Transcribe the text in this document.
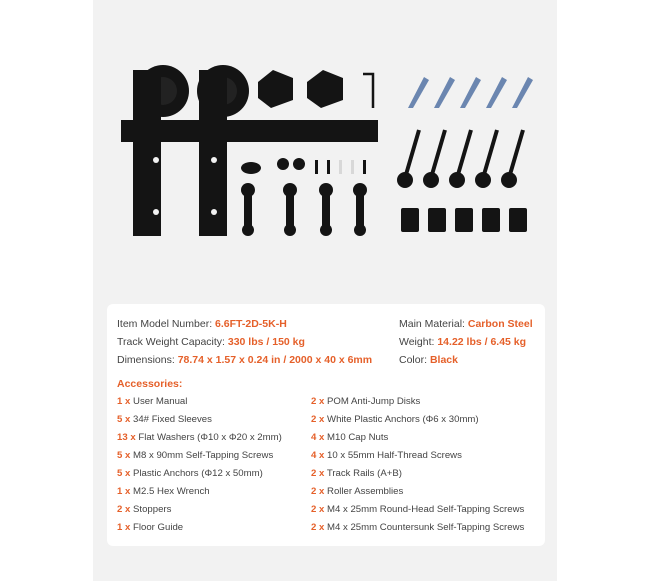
Item Model Number: 6.6FT-2D-5K-H
Track Weight Capacity: 330 lbs / 150 kg
Dimensions: 78.74 x 1.57 x 0.24 in / 2000 x 40 x 6mm
Main Material: Carbon Steel
Weight: 14.22 lbs / 6.45 kg
Color: Black
Accessories:
1 x User Manual
5 x 34# Fixed Sleeves
13 x Flat Washers (Φ10 x Φ20 x 2mm)
5 x M8 x 90mm Self-Tapping Screws
5 x Plastic Anchors (Φ12 x 50mm)
1 x M2.5 Hex Wrench
2 x Stoppers
1 x Floor Guide
2 x POM Anti-Jump Disks
2 x White Plastic Anchors (Φ6 x 30mm)
4 x M10 Cap Nuts
4 x 10 x 55mm Half-Thread Screws
2 x Track Rails (A+B)
2 x Roller Assemblies
2 x M4 x 25mm Round-Head Self-Tapping Screws
2 x M4 x 25mm Countersunk Self-Tapping Screws
